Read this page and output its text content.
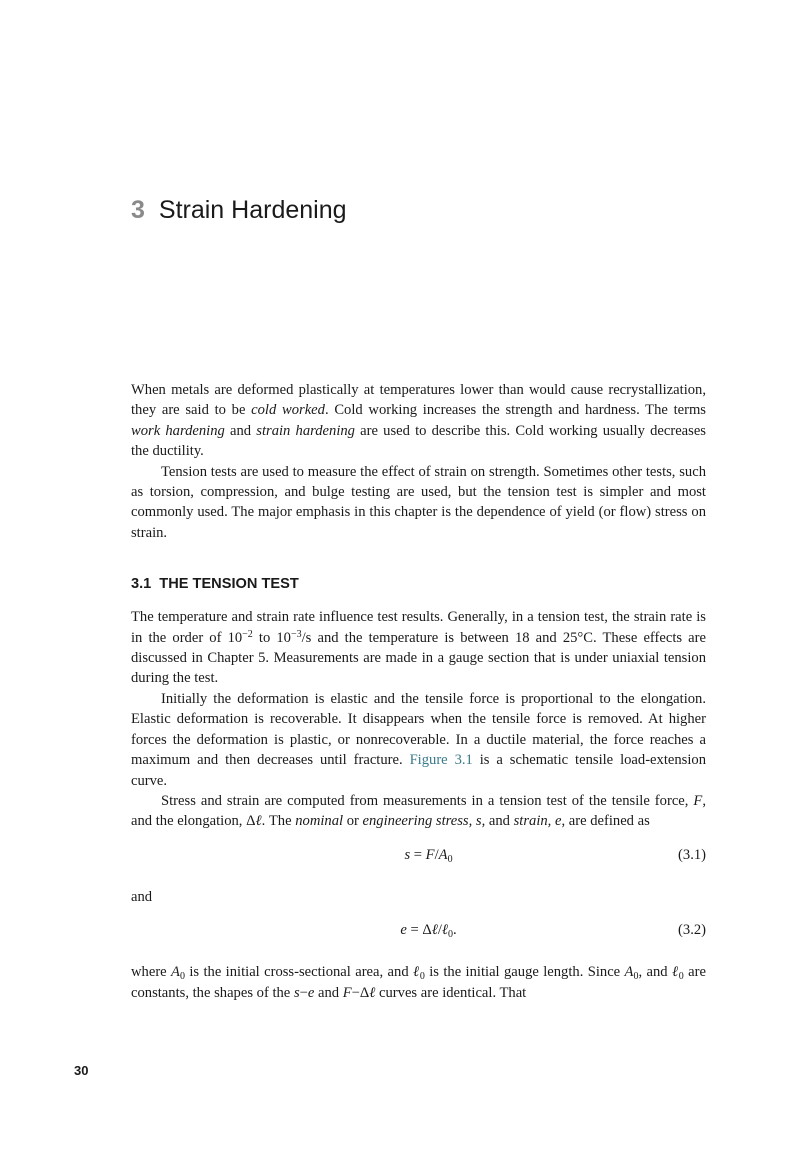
3 Strain Hardening

When metals are deformed plastically at temperatures lower than would cause recrystallization, they are said to be cold worked. Cold working increases the strength and hardness. The terms work hardening and strain hardening are used to describe this. Cold working usually decreases the ductility.

Tension tests are used to measure the effect of strain on strength. Sometimes other tests, such as torsion, compression, and bulge testing are used, but the tension test is simpler and most commonly used. The major emphasis in this chapter is the dependence of yield (or flow) stress on strain.

3.1 THE TENSION TEST

The temperature and strain rate influence test results. Generally, in a tension test, the strain rate is in the order of $10^{-2}$ to $10^{-3}/s$ and the temperature is between 18 and 25°C. These effects are discussed in Chapter 5. Measurements are made in a gauge section that is under uniaxial tension during the test.

Initially the deformation is elastic and the tensile force is proportional to the elongation. Elastic deformation is recoverable. It disappears when the tensile force is removed. At higher forces the deformation is plastic, or nonrecoverable. In a ductile material, the force reaches a maximum and then decreases until fracture. Figure 3.1 is a schematic tensile load-extension curve.

Stress and strain are computed from measurements in a tension test of the tensile force, F, and the elongation, Δℓ. The nominal or engineering stress, s, and strain, e, are defined as

$s = F/A_0$	(3.1)

and

e = Δℓ/ℓ$_0$.	(3.2)

where $A_0$ is the initial cross-sectional area, and ℓ$_0$ is the initial gauge length. Since $A_0$, and ℓ$_0$ are constants, the shapes of the s−e and F−Δℓ curves are identical. That

30
